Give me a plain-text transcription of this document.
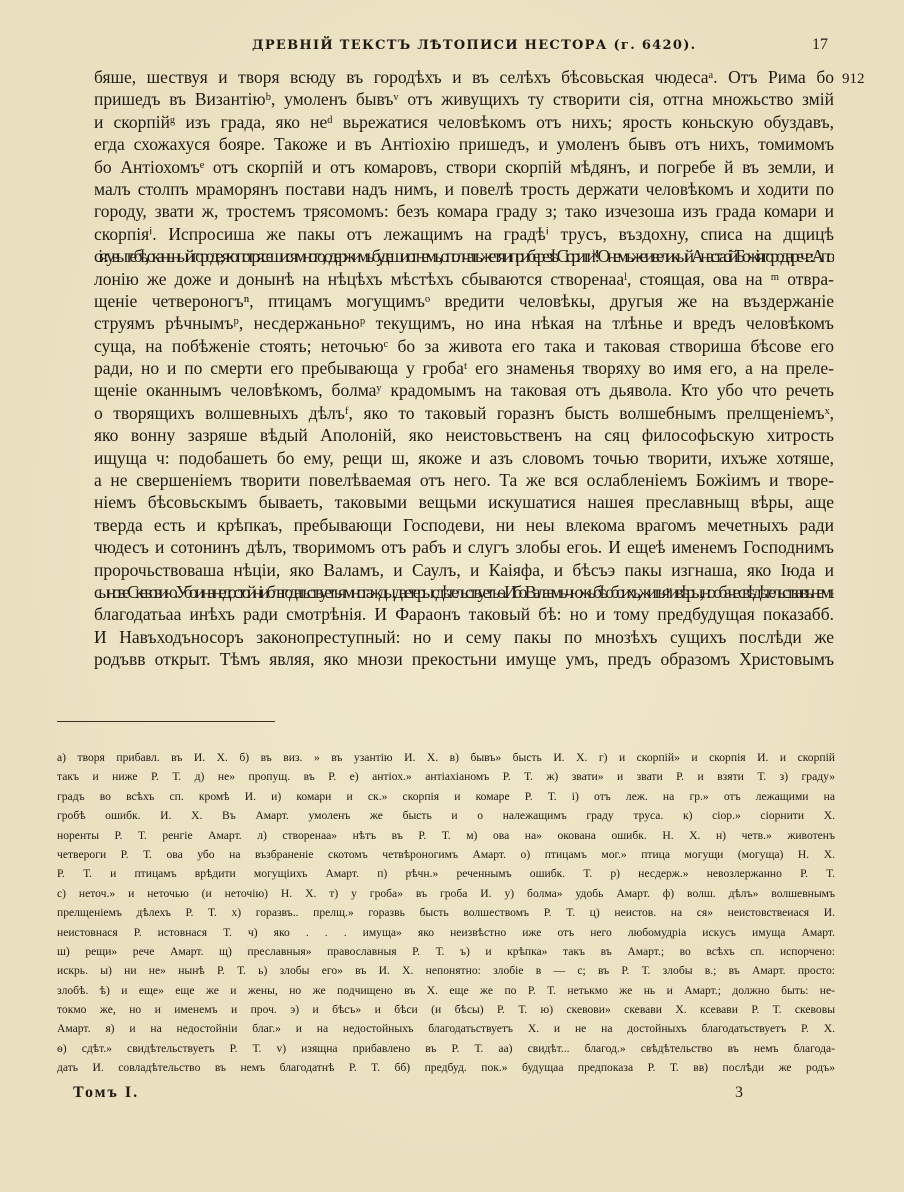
ДРЕВНІЙ ТЕКСТЪ ЛѢТОПИСИ НЕСТОРА (г. 6420).	17
912
бяше, шествуя и творя всюду въ городѣхъ и въ селѣхъ бѣсовьская чюдесаᵃ. Отъ Рима бо
пришедъ въ Византіюᵇ, умоленъ бывъᵛ отъ живущихъ ту створити сія, отгна множьство змій
и скорпійᵍ изъ града, яко неᵈ вьрежатися человѣкомъ отъ нихъ; ярость коньскую обуздавъ,
егда схожахуся бояре. Такоже и въ Антіохію пришедъ, и умоленъ бывъ отъ нихъ, томимомъ
бо Антіохомъᵉ отъ скорпій и отъ комаровъ, створи скорпій мѣдянъ, и погребе й въ земли, и
малъ столпъ мраморянъ постави надъ нимъ, и повелѣ трость держати человѣкомъ и ходити по
городу, звати ж, тростемъ трясомомъ: безъ комара граду з; тако изчезоша изъ града комари и
скорпіяⁱ. Испросиша же пакы отъ лежащимъ на градѣⁱ трусъ, въздохну, списа на дщицѣ
сія: увы тебѣ, оканьный городе, яко потрясешися много, одержимъ будеши огнемъ, ополчать же тя и при березѣ Сіоритиᵏ! О немъ же и великый Анастасій Божія города рече: Апо-
лонію же доже и донынѣ на нѣцѣхъ мѣстѣхъ сбываются створенааˡ, стоящая, ова на ᵐ отвра-
щеніе четвероногъⁿ, птицамъ могущимъᵒ вредити человѣкы, другыя же на въздержаніе
струямъ рѣчнымъᵖ, несдержаньноᵖ текущимъ, но ина нѣкая на тлѣнье и вредъ человѣкомъ
суща, на побѣженіе стоять; неточьюᶜ бо за живота его така и таковая створиша бѣсове его
ради, но и по смерти его пребывающа у гробаᵗ его знаменья творяху во имя его, а на преле-
щеніе оканнымъ человѣкомъ, болмаʸ крадомымъ на таковая отъ дьявола. Кто убо что речеть
о творящихъ волшевныхъ дѣлъᶠ, яко то таковый горазнъ бысть волшебнымъ прелщеніемъˣ,
яко вонну зазряше вѣдый Аполоній, яко неистовьственъ на сяц философьскую хитрость
ищуща ч: подобашеть бо ему, рещи ш, якоже и азъ словомъ точью творити, ихъже хотяше,
а не свершеніемъ творити повелѣваемая отъ него. Та же вся ослабленіемъ Божіимъ и творе-
ніемъ бѣсовьскымъ бываеть, таковыми вещьми искушатися нашея преславныщ вѣры, аще
тверда есть и крѣпкаъ, пребывающи Господеви, ни неы влекома врагомъ мечетныхъ ради
чюдесъ и сотонинъ дѣлъ, творимомъ отъ рабъ и слугъ злобы егоь. И ещеѣ именемъ Господнимъ
пророчьствоваша нѣціи, яко Валамъ, и Саулъ, и Каіяфа, и бѣсъэ пакы изгнаша, яко Іюда и
сынове Скевовию. Убо и на недостойніи благодатьствуетъя многажды, да етеры сдѣтельствуетъ ѳ. Ибо Валаамъ чюжь бѣ обоихъ, житьяᵛ и вѣры, но обаче свѣдѣтельства въ немъ
благодатьаа инѣхъ ради смотрѣнія. И Фараонъ таковый бѣ: но и тому предбудущая показабб.
И Навъходъносоръ законопреступный: но и сему пакы по мнозѣхъ сущихъ послѣди же
родъвв открыт. Тѣмъ являя, яко мнози прекостьни имуще умъ, предъ образомъ Христовымъ
а) творя прибавл. въ И. Х. б) въ виз. » въ узантію И. Х. в) бывъ» бысть И. Х. г) и скорпій» и скорпія И. и скорпій
такъ и ниже Р. Т. д) не» пропущ. въ Р. е) антіох.» антіахіаномъ Р. Т. ж) звати» и звати Р. и взяти Т. з) граду»
градъ во всѣхъ сп. кромѣ И. и) комари и ск.» скорпія и комаре Р. Т. і) отъ леж. на гр.» отъ лежащими на
гробѣ ошибк. И. Х. Въ Амарт. умоленъ же бысть и о належащимъ граду труса. к) сіор.» сіорнити Х.
норенты Р. Т. ренгіе Амарт. л) створенаа» нѣтъ въ Р. Т. м) ова на» окована ошибк. Н. Х. н) четв.» животенъ
четвероги Р. Т. ова убо на възбраненіе скотомъ четвѣроногимъ Амарт. о) птицамъ мог.» птица могущи (могуща) Н. Х.
Р. Т. и птицамъ врѣдити могущіихъ Амарт. п) рѣчн.» реченнымъ ошибк. Т. р) несдерж.» невозлержанно Р. Т.
с) неточ.» и неточью (и неточію) Н. Х. т) у гроба» въ гроба И. у) болма» удобь Амарт. ф) волш. дѣлъ» волшевнымъ
прелщеніемъ дѣлехъ Р. Т. х) горазвъ.. прелщ.» горазвь бысть волшествомъ Р. Т. ц) неистов. на ся» неистовствеиася И.
неистовнася Р. истовнася Т. ч) яко . . . имуща» яко неизвѣстно иже отъ него любомудріа искусъ имуща Амарт.
ш) рещи» рече Амарт. щ) преславныя» православныя Р. Т. ъ) и крѣпка» такъ въ Амарт.; во всѣхъ сп. испорчено:
искрь. ы) ни не» нынѣ Р. Т. ь) злобы его» въ И. Х. непонятно: злобіе в — с; въ Р. Т. злобы в.; въ Амарт. просто:
злобѣ. ѣ) и еще» еще же и жены, но же подчищено въ Х. еще же по Р. Т. нетькмо же нь и Амарт.; должно быть: не-
токмо же, но и именемъ и проч. э) и бѣсъ» и бѣси (и бѣсы) Р. Т. ю) скевови» скевави Х. ксевави Р. Т. скевовы
Амарт. я) и на недостойніи благ.» и на недостойныхъ благодатьствуетъ Х. и не на достойныхъ благодатьствуетъ Р. Х.
ѳ) сдѣт.» свидѣтельствуетъ Р. Т. v) изящна прибавлено въ Р. Т. аа) свидѣт... благод.» свѣдѣтельство въ немъ благода-
дать И. совладѣтельство въ немъ благодатнѣ Р. Т. бб) предбуд. пок.» будущаа предпоказа Р. Т. вв) послѣди же родъ»
Томъ I.	3
